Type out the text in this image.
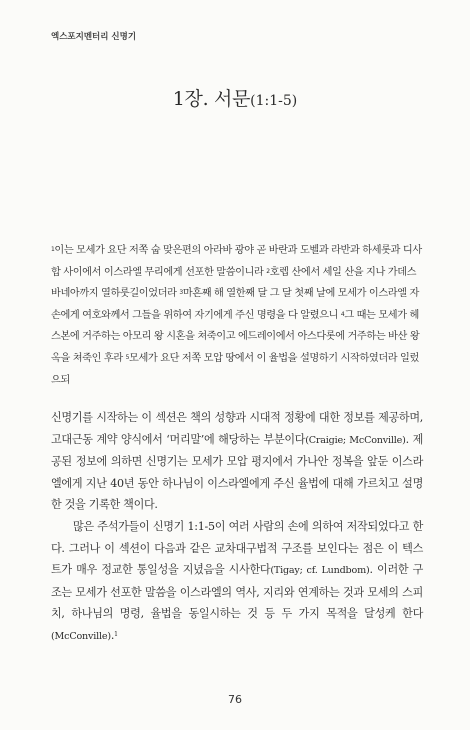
엑스포지멘터리 신명기
1장. 서문(1:1-5)
$^1$이는 모세가 요단 저쪽 숩 맞은편의 아라바 광야 곧 바란과 도벨과 라반과 하세롯과 디사합 사이에서 이스라엘 무리에게 선포한 말씀이니라 $^2$호렙 산에서 세일 산을 지나 가데스 바네아까지 열하룻길이었더라 $^3$마흔째 해 열한째 달 그 달 첫째 날에 모세가 이스라엘 자손에게 여호와께서 그들을 위하여 자기에게 주신 명령을 다 알렸으니 $^4$그 때는 모세가 헤스본에 거주하는 아모리 왕 시혼을 쳐죽이고 에드레이에서 아스다롯에 거주하는 바산 왕 옥을 쳐죽인 후라 $^5$모세가 요단 저쪽 모압 땅에서 이 율법을 설명하기 시작하였더라 일렀으되

신명기를 시작하는 이 섹션은 책의 성향과 시대적 정황에 대한 정보를 제공하며, 고대근동 계약 양식에서 ‘머리말’에 해당하는 부분이다(Craigie; McConville). 제공된 정보에 의하면 신명기는 모세가 모압 평지에서 가나안 정복을 앞둔 이스라엘에게 지난 40년 동안 하나님이 이스라엘에게 주신 율법에 대해 가르치고 설명한 것을 기록한 책이다.

많은 주석가들이 신명기 1:1-5이 여러 사람의 손에 의하여 저작되었다고 한다. 그러나 이 섹션이 다음과 같은 교차대구법적 구조를 보인다는 점은 이 텍스트가 매우 정교한 통일성을 지녔음을 시사한다(Tigay; cf. Lundbom). 이러한 구조는 모세가 선포한 말씀을 이스라엘의 역사, 지리와 연계하는 것과 모세의 스피치, 하나님의 명령, 율법을 동일시하는 것 등 두 가지 목적을 달성케 한다(McConville).$^1$

76
